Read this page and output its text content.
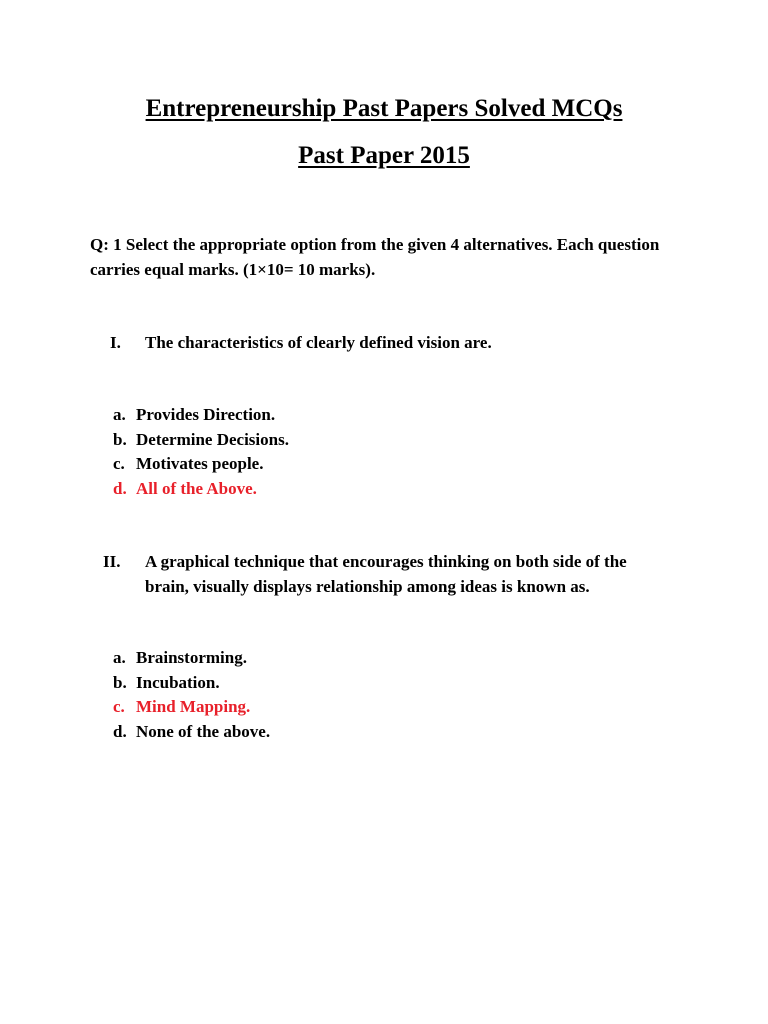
Entrepreneurship Past Papers Solved MCQs
Past Paper 2015
Q: 1 Select the appropriate option from the given 4 alternatives. Each question carries equal marks. (1×10= 10 marks).
I.	The characteristics of clearly defined vision are.
a. Provides Direction.
b. Determine Decisions.
c. Motivates people.
d. All of the Above.
II.	A graphical technique that encourages thinking on both side of the brain, visually displays relationship among ideas is known as.
a. Brainstorming.
b. Incubation.
c. Mind Mapping.
d. None of the above.
